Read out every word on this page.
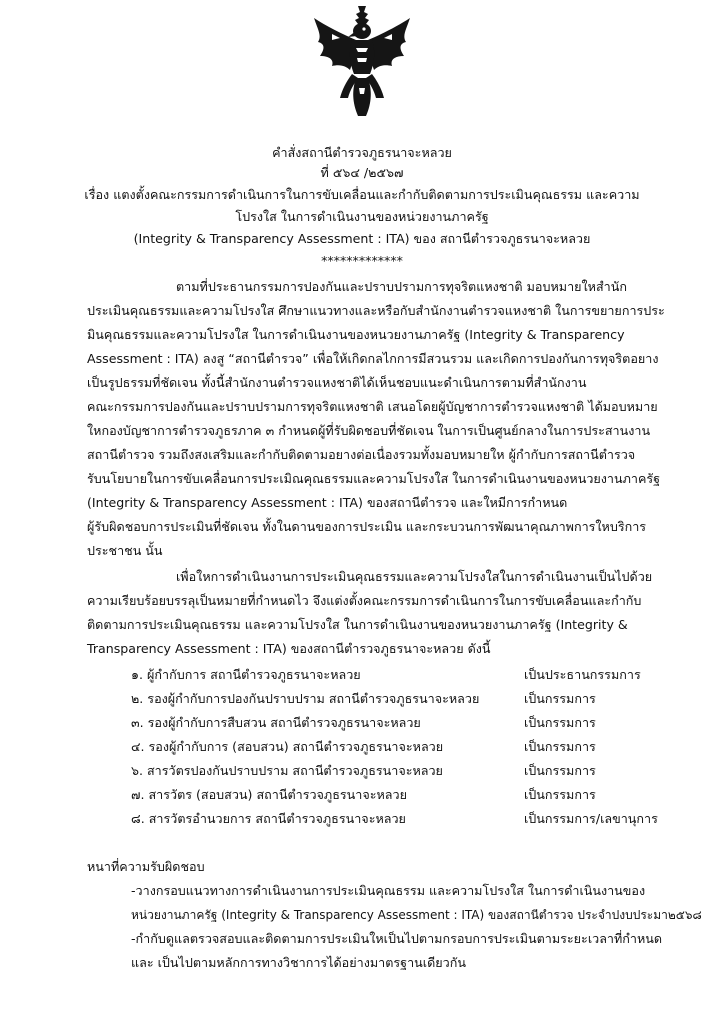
คำสั่งสถานีตำรวจภูธรนาจะหลวย
ที่ ๕๖๔ /๒๕๖๗
เรื่อง แตงตั้งคณะกรรมการดำเนินการในการขับเคลื่อนและกำกับติดตามการประเมินคุณธรรม และความ
โปรงใส ในการดำเนินงานของหน่วยงานภาครัฐ
(Integrity & Transparency Assessment : ITA) ของ สถานีตำรวจภูธรนาจะหลวย
*************
ตามที่ประธานกรรมการปองกันและปราบปรามการทุจริตแหงชาติ มอบหมายใหสำนัก
ประเมินคุณธรรมและความโปรงใส ศึกษาแนวทางและหรือกับสำนักงานตำรวจแหงชาติ ในการขยายการประ
มินคุณธรรมและความโปรงใส ในการดำเนินงานของหนวยงานภาครัฐ (Integrity & Transparency
Assessment : ITA) ลงสู “สถานีตำรวจ” เพื่อให้เกิดกลไกการมีสวนรวม และเกิดการปองกันการทุจริตอยาง
เป็นรูปธรรมที่ชัดเจน ทั้งนี้สำนักงานตำรวจแหงชาติได้เห็นชอบแนะดำเนินการตามที่สำนักงาน
คณะกรรมการปองกันและปราบปรามการทุจริตแหงชาติ เสนอโดยผู้บัญชาการตำรวจแหงชาติ ได้มอบหมาย
ใหกองบัญชาการตำรวจภูธรภาค ๓ กำหนดผู้ที่รับผิดชอบที่ชัดเจน ในการเป็นศูนย์กลางในการประสานงาน
สถานีตำรวจ รวมถึงสงเสริมและกำกับติดตามอยางต่อเนื่องรวมทั้งมอบหมายให ผู้กำกับการสถานีตำรวจ
รับนโยบายในการขับเคลื่อนการประเมิณคุณธรรมและความโปรงใส ในการดำเนินงานของหนวยงานภาครัฐ
(Integrity & Transparency Assessment : ITA) ของสถานีตำรวจ และใหมีการกำหนด
ผู้รับผิดชอบการประเมินที่ชัดเจน ทั้งในดานของการประเมิน และกระบวนการพัฒนาคุณภาพการใหบริการ
ประชาชน นั้น
เพื่อใหการดำเนินงานการประเมินคุณธรรมและความโปรงใสในการดำเนินงานเป็นไปด้วย
ความเรียบร้อยบรรลุเป็นหมายที่กำหนดไว จึงแต่งตั้งคณะกรรมการดำเนินการในการขับเคลื่อนและกำกับ
ติดตามการประเมินคุณธรรม และความโปรงใส ในการดำเนินงานของหนวยงานภาครัฐ (Integrity &
Transparency Assessment : ITA) ของสถานีตำรวจภูธรนาจะหลวย ดังนี้
๑. ผู้กำกับการ สถานีตำรวจภูธรนาจะหลวย	เป็นประธานกรรมการ
๒. รองผู้กำกับการปองกันปราบปราม สถานีตำรวจภูธรนาจะหลวย	เป็นกรรมการ
๓. รองผู้กำกับการสืบสวน สถานีตำรวจภูธรนาจะหลวย	เป็นกรรมการ
๔. รองผู้กำกับการ (สอบสวน) สถานีตำรวจภูธรนาจะหลวย	เป็นกรรมการ
๖. สารวัตรปองกันปราบปราม สถานีตำรวจภูธรนาจะหลวย	เป็นกรรมการ
๗. สารวัตร (สอบสวน) สถานีตำรวจภูธรนาจะหลวย	เป็นกรรมการ
๘. สารวัตรอำนวยการ สถานีตำรวจภูธรนาจะหลวย	เป็นกรรมการ/เลขานุการ
หนาที่ความรับผิดชอบ
-วางกรอบแนวทางการดำเนินงานการประเมินคุณธรรม และความโปรงใส ในการดำเนินงานของ
หน่วยงานภาครัฐ (Integrity & Transparency Assessment : ITA) ของสถานีตำรวจ ประจำปงบประมา๒๕๖๘
-กำกับดูแลตรวจสอบและติดตามการประเมินใหเป็นไปตามกรอบการประเมินตามระยะเวลาที่กำหนด
และ เป็นไปตามหลักการทางวิชาการได้อย่างมาตรฐานเดียวกัน
